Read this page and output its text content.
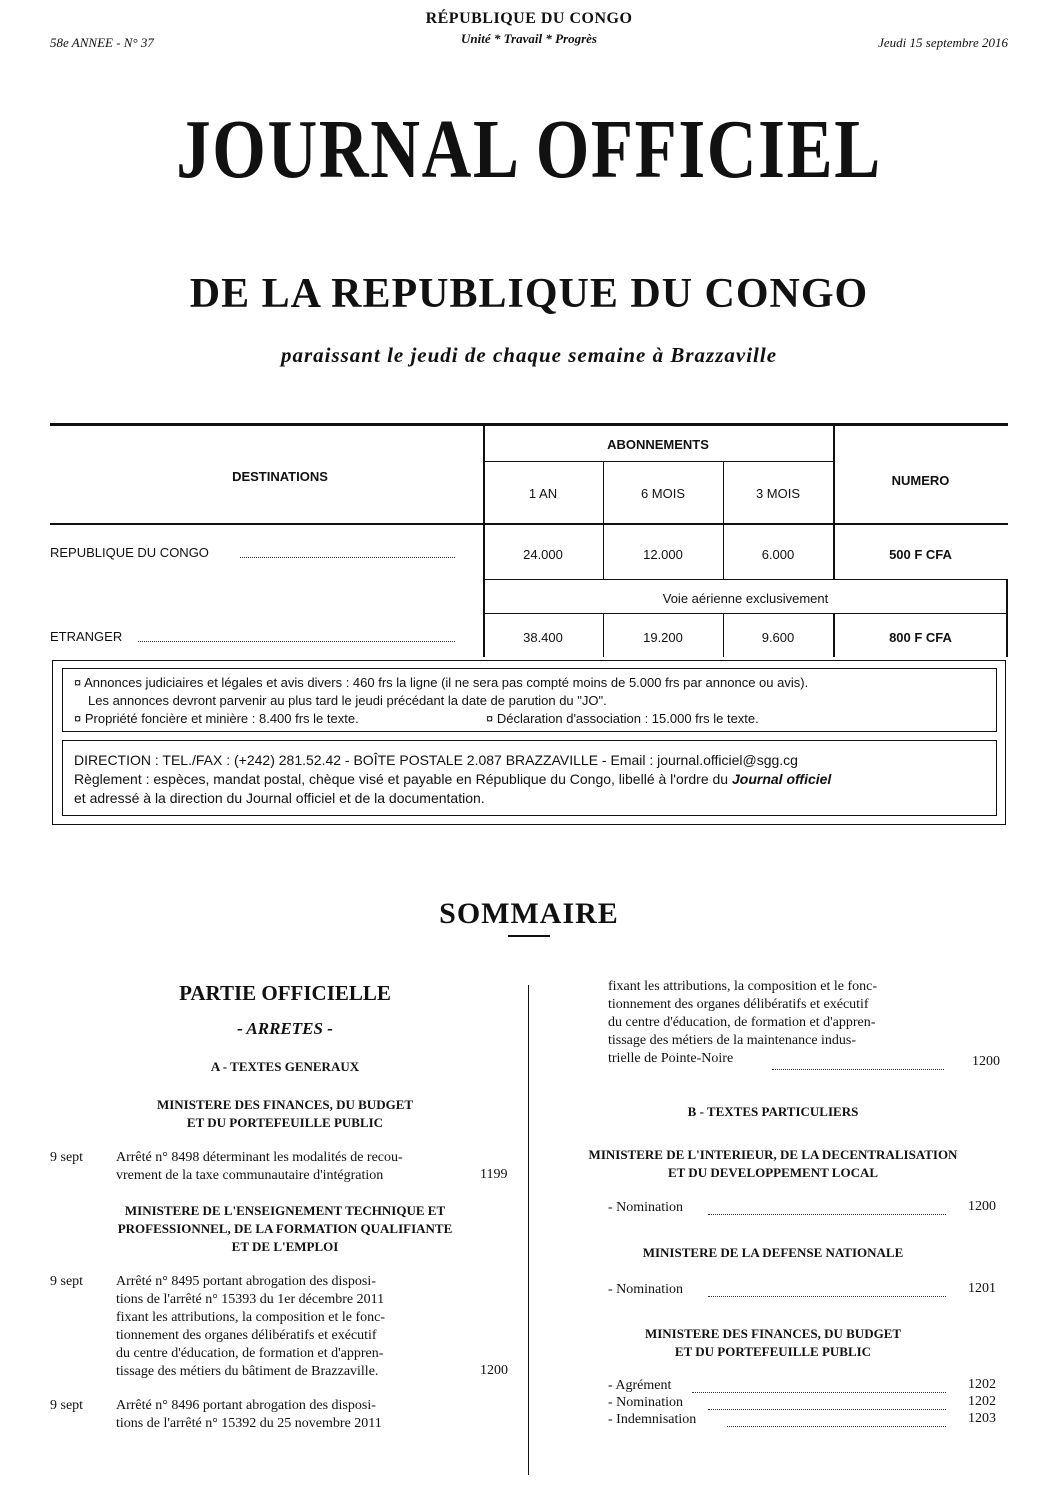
RÉPUBLIQUE DU CONGO
Unité * Travail * Progrès
58e ANNEE - N° 37	Jeudi 15 septembre 2016
JOURNAL OFFICIEL
DE LA REPUBLIQUE DU CONGO
paraissant le jeudi de chaque semaine à Brazzaville
DESTINATIONS
ABONNEMENTS
NUMERO
1 AN	6 MOIS	3 MOIS
REPUBLIQUE DU CONGO	24.000	12.000	6.000	500 F CFA
Voie aérienne exclusivement
ETRANGER	38.400	19.200	9.600	800 F CFA
¤ Annonces judiciaires et légales et avis divers : 460 frs la ligne (il ne sera pas compté moins de 5.000 frs par annonce ou avis).
Les annonces devront parvenir au plus tard le jeudi précédant la date de parution du "JO".
¤ Propriété foncière et minière : 8.400 frs le texte.	¤ Déclaration d'association : 15.000 frs le texte.
DIRECTION : TEL./FAX : (+242) 281.52.42 - BOÎTE POSTALE 2.087 BRAZZAVILLE - Email : journal.officiel@sgg.cg
Règlement : espèces, mandat postal, chèque visé et payable en République du Congo, libellé à l'ordre du Journal officiel
et adressé à la direction du Journal officiel et de la documentation.
SOMMAIRE
PARTIE OFFICIELLE
- ARRETES -
A - TEXTES GENERAUX
MINISTERE DES FINANCES, DU BUDGET
ET DU PORTEFEUILLE PUBLIC
9 sept Arrêté n° 8498 déterminant les modalités de recou-
vrement de la taxe communautaire d'intégration	1199
MINISTERE DE L'ENSEIGNEMENT TECHNIQUE ET
PROFESSIONNEL, DE LA FORMATION QUALIFIANTE
ET DE L'EMPLOI
9 sept Arrêté n° 8495 portant abrogation des disposi-
tions de l'arrêté n° 15393 du 1er décembre 2011
fixant les attributions, la composition et le fonc-
tionnement des organes délibératifs et exécutif
du centre d'éducation, de formation et d'appren-
tissage des métiers du bâtiment de Brazzaville.	1200
9 sept Arrêté n° 8496 portant abrogation des disposi-
tions de l'arrêté n° 15392 du 25 novembre 2011
fixant les attributions, la composition et le fonc-
tionnement des organes délibératifs et exécutif
du centre d'éducation, de formation et d'appren-
tissage des métiers de la maintenance indus-
trielle de Pointe-Noire	1200
B - TEXTES PARTICULIERS
MINISTERE DE L'INTERIEUR, DE LA DECENTRALISATION
ET DU DEVELOPPEMENT LOCAL
- Nomination	1200
MINISTERE DE LA DEFENSE NATIONALE
- Nomination	1201
MINISTERE DES FINANCES, DU BUDGET
ET DU PORTEFEUILLE PUBLIC
- Agrément	1202
- Nomination	1202
- Indemnisation	1203
